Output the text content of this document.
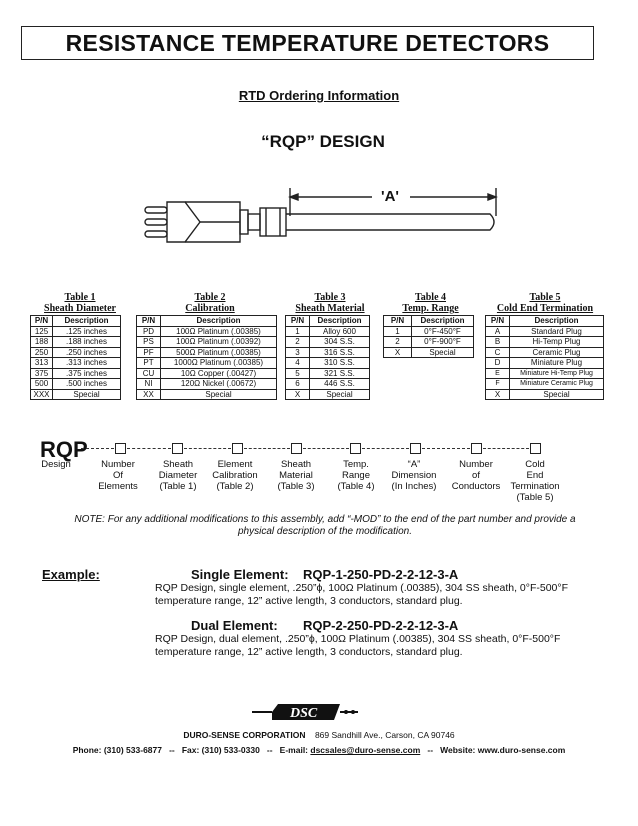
RESISTANCE TEMPERATURE DETECTORS
RTD Ordering Information
“RQP” DESIGN
'A'
Table 1
Sheath Diameter
Table 2
Calibration
Table 3
Sheath Material
Table 4
Temp. Range
Table 5
Cold End Termination
P/N	Description
125	.125 inches
188	.188 inches
250	.250 inches
313	.313 inches
375	.375 inches
500	.500 inches
XXX	Special
P/N	Description
PD	100Ω Platinum (.00385)
PS	100Ω Platinum (.00392)
PF	500Ω Platinum (.00385)
PT	1000Ω Platinum (.00385)
CU	10Ω Copper (.00427)
NI	120Ω Nickel (.00672)
XX	Special
P/N	Description
1	Alloy 600
2	304 S.S.
3	316 S.S.
4	310 S.S.
5	321 S.S.
6	446 S.S.
X	Special
P/N	Description
1	0°F-450°F
2	0°F-900°F
X	Special
P/N	Description
A	Standard Plug
B	Hi-Temp Plug
C	Ceramic Plug
D	Miniature Plug
E	Miniature Hi-Temp Plug
F	Miniature Ceramic Plug
X	Special
RQP
Design	Number
Of
Elements
Sheath
Diameter
(Table 1)
Element
Calibration
(Table 2)
Sheath
Material
(Table 3)
Temp.
Range
(Table 4)
“A”
Dimension
(In Inches)
Number
of
Conductors
Cold
End
Termination
(Table 5)
NOTE: For any additional modifications to this assembly, add “-MOD” to the end of the part number and provide a physical description of the modification.
Example:	Single Element: RQP-1-250-PD-2-2-12-3-A
RQP Design, single element, .250”ϕ, 100Ω Platinum (.00385), 304 SS sheath, 0°F-500°F temperature range, 12” active length, 3 conductors, standard plug.
Dual Element: RQP-2-250-PD-2-2-12-3-A
RQP Design, dual element, .250”ϕ, 100Ω Platinum (.00385), 304 SS sheath, 0°F-500°F temperature range, 12” active length, 3 conductors, standard plug.
DSC
DURO-SENSE CORPORATION 869 Sandhill Ave., Carson, CA 90746
Phone: (310) 533-6877 -- Fax: (310) 533-0330 -- E-mail: dscsales@duro-sense.com -- Website: www.duro-sense.com
